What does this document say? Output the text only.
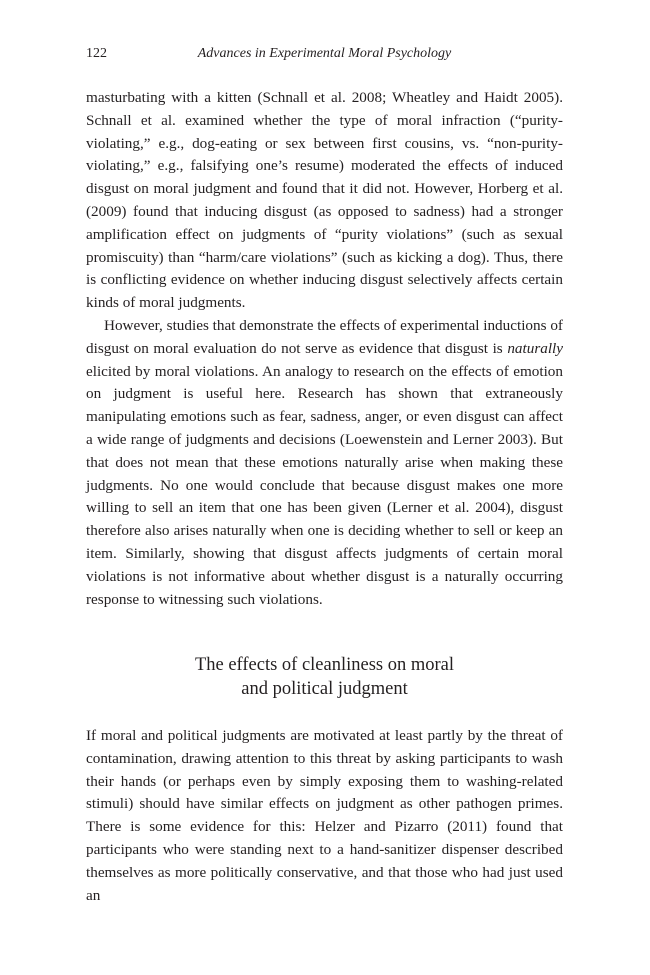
122	Advances in Experimental Moral Psychology

masturbating with a kitten (Schnall et al. 2008; Wheatley and Haidt 2005). Schnall et al. examined whether the type of moral infraction (“purity-violating,” e.g., dog-eating or sex between first cousins, vs. “non-purity-violating,” e.g., falsifying one’s resume) moderated the effects of induced disgust on moral judgment and found that it did not. However, Horberg et al. (2009) found that inducing disgust (as opposed to sadness) had a stronger amplification effect on judgments of “purity violations” (such as sexual promiscuity) than “harm/care violations” (such as kicking a dog). Thus, there is conflicting evidence on whether inducing disgust selectively affects certain kinds of moral judgments.

However, studies that demonstrate the effects of experimental inductions of disgust on moral evaluation do not serve as evidence that disgust is naturally elicited by moral violations. An analogy to research on the effects of emotion on judgment is useful here. Research has shown that extraneously manipulating emotions such as fear, sadness, anger, or even disgust can affect a wide range of judgments and decisions (Loewenstein and Lerner 2003). But that does not mean that these emotions naturally arise when making these judgments. No one would conclude that because disgust makes one more willing to sell an item that one has been given (Lerner et al. 2004), disgust therefore also arises naturally when one is deciding whether to sell or keep an item. Similarly, showing that disgust affects judgments of certain moral violations is not informative about whether disgust is a naturally occurring response to witnessing such violations.

The effects of cleanliness on moral
and political judgment

If moral and political judgments are motivated at least partly by the threat of contamination, drawing attention to this threat by asking participants to wash their hands (or perhaps even by simply exposing them to washing-related stimuli) should have similar effects on judgment as other pathogen primes. There is some evidence for this: Helzer and Pizarro (2011) found that participants who were standing next to a hand-sanitizer dispenser described themselves as more politically conservative, and that those who had just used an
